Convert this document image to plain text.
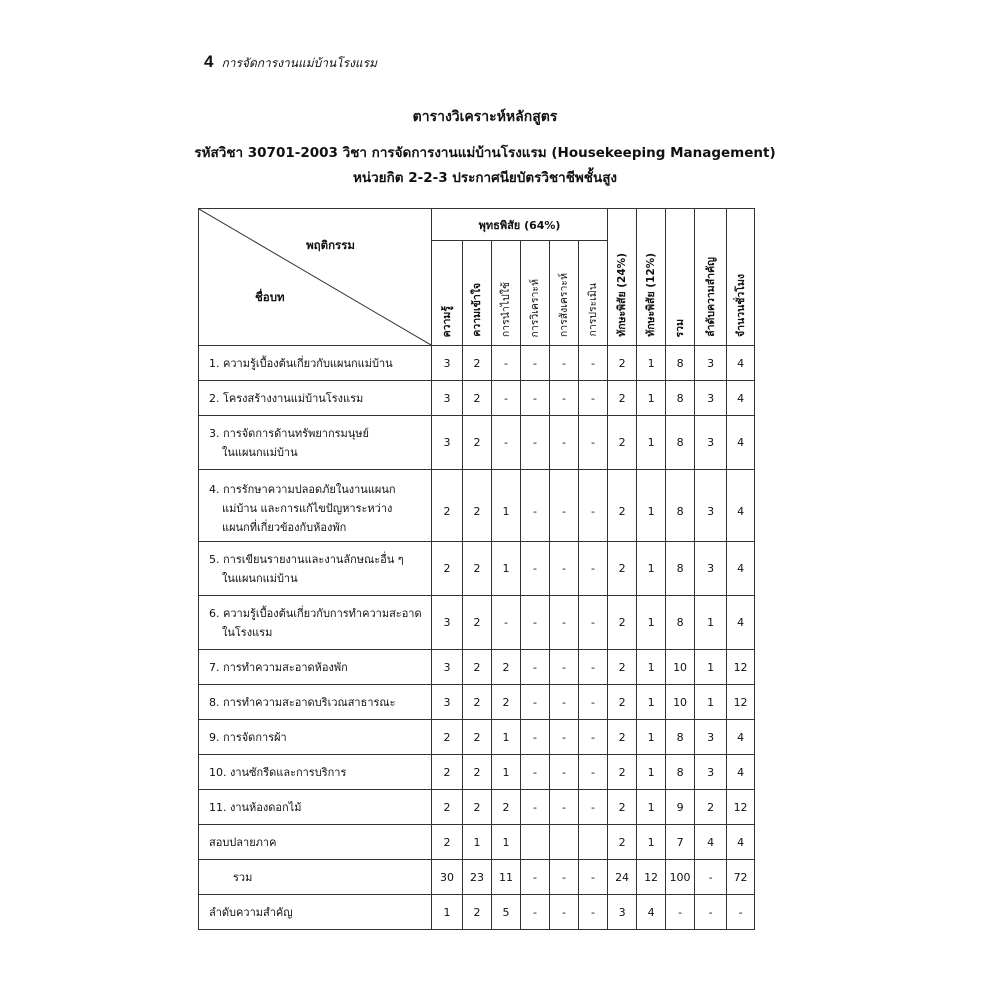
4 การจัดการงานแม่บ้านโรงแรม
ตารางวิเคราะห์หลักสูตร
รหัสวิชา 30701-2003 วิชา การจัดการงานแม่บ้านโรงแรม (Housekeeping Management)
หน่วยกิต 2-2-3 ประกาศนียบัตรวิชาชีพชั้นสูง
พฤติกรรม
ชื่อบท	พุทธพิสัย (64%)						ทักษะพิสัย (24%)	ทักษะพิสัย (12%)	รวม	ลำดับความสำคัญ	จำนวนชั่วโมง

	ความรู้	ความเข้าใจ	การนำไปใช้	การวิเคราะห์	การสังเคราะห์	การประเมิน					

1. ความรู้เบื้องต้นเกี่ยวกับแผนกแม่บ้าน	3	2	-	-	-	-	2	1	8	3	4

2. โครงสร้างงานแม่บ้านโรงแรม	3	2	-	-	-	-	2	1	8	3	4

3. การจัดการด้านทรัพยากรมนุษย์
ในแผนกแม่บ้าน	3	2	-	-	-	-	2	1	8	3	4

4. การรักษาความปลอดภัยในงานแผนก
แม่บ้าน และการแก้ไขปัญหาระหว่าง
แผนกที่เกี่ยวข้องกับห้องพัก	2	2	1	-	-	-	2	1	8	3	4

5. การเขียนรายงานและงานลักษณะอื่น ๆ
ในแผนกแม่บ้าน	2	2	1	-	-	-	2	1	8	3	4

6. ความรู้เบื้องต้นเกี่ยวกับการทำความสะอาด
ในโรงแรม	3	2	-	-	-	-	2	1	8	1	4

7. การทำความสะอาดห้องพัก	3	2	2	-	-	-	2	1	10	1	12

8. การทำความสะอาดบริเวณสาธารณะ	3	2	2	-	-	-	2	1	10	1	12

9. การจัดการผ้า	2	2	1	-	-	-	2	1	8	3	4

10. งานซักรีดและการบริการ	2	2	1	-	-	-	2	1	8	3	4

11. งานห้องดอกไม้	2	2	2	-	-	-	2	1	9	2	12

สอบปลายภาค	2	1	1				2	1	7	4	4

รวม	30	23	11	-	-	-	24	12	100	-	72

ลำดับความสำคัญ	1	2	5	-	-	-	3	4	-	-	-
